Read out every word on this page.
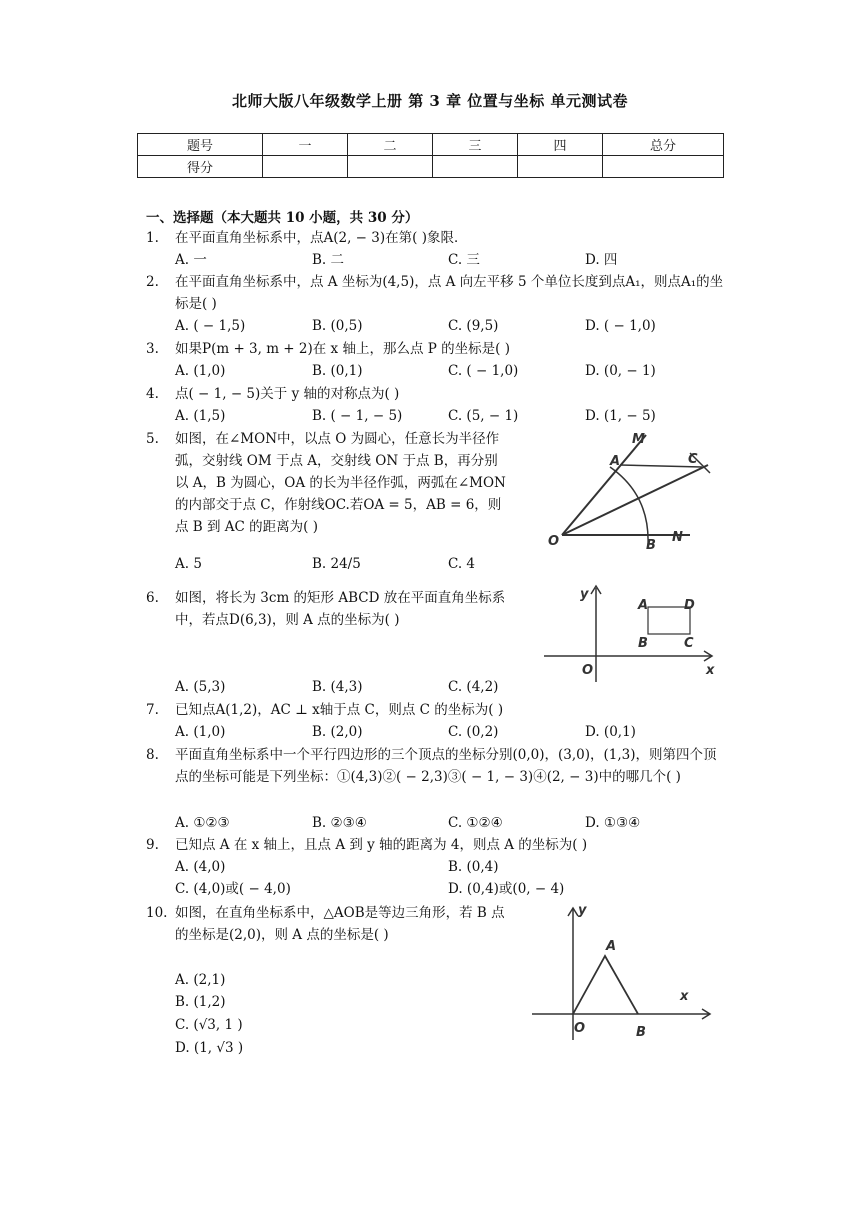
北师大版八年级数学上册 第 3 章 位置与坐标 单元测试卷
题号	一	二	三	四	总分
得分					
一、选择题（本大题共 10 小题，共 30 分）
1. 在平面直角坐标系中，点A(2, − 3)在第( )象限．
A. 一	B. 二	C. 三	D. 四
2. 在平面直角坐标系中，点 A 坐标为(4,5)，点 A 向左平移 5 个单位长度到点A₁，则点A₁的坐标是( )
A. ( − 1,5)	B. (0,5)	C. (9,5)	D. ( − 1,0)
3. 如果P(m + 3, m + 2)在 x 轴上，那么点 P 的坐标是( )
A. (1,0)	B. (0,1)	C. ( − 1,0)	D. (0, − 1)
4. 点( − 1, − 5)关于 y 轴的对称点为( )
A. (1,5)	B. ( − 1, − 5)	C. (5, − 1)	D. (1, − 5)
5. 如图，在∠MON中，以点 O 为圆心，任意长为半径作弧，交射线 OM 于点 A，交射线 ON 于点 B，再分别以 A，B 为圆心，OA 的长为半径作弧，两弧在∠MON的内部交于点 C，作射线OC.若OA = 5，AB = 6，则点 B 到 AC 的距离为( )
A. 5	B. 24/5	C. 4
M
A	C
O	B
N
6. 如图，将长为 3cm 的矩形 ABCD 放在平面直角坐标系中，若点D(6,3)，则 A 点的坐标为( )
A. (5,3)	B. (4,3)	C. (4,2)
y
A	D
B	C
O	x
7. 已知点A(1,2)，AC ⊥ x轴于点 C，则点 C 的坐标为( )
A. (1,0)	B. (2,0)	C. (0,2)	D. (0,1)
8. 平面直角坐标系中一个平行四边形的三个顶点的坐标分别(0,0)，(3,0)，(1,3)，则第四个顶点的坐标可能是下列坐标：①(4,3)②( − 2,3)③( − 1, − 3)④(2, − 3)中的哪几个( )
A. ①②③	B. ②③④	C. ①②④	D. ①③④
9. 已知点 A 在 x 轴上，且点 A 到 y 轴的距离为 4，则点 A 的坐标为( )
A. (4,0)	B. (0,4)
C. (4,0)或( − 4,0)	D. (0,4)或(0, − 4)
10. 如图，在直角坐标系中，△AOB是等边三角形，若 B 点的坐标是(2,0)，则 A 点的坐标是( )
A. (2,1)
B. (1,2)
C. (√3, 1 )
D. (1, √3 )
y
A
x
O	B
